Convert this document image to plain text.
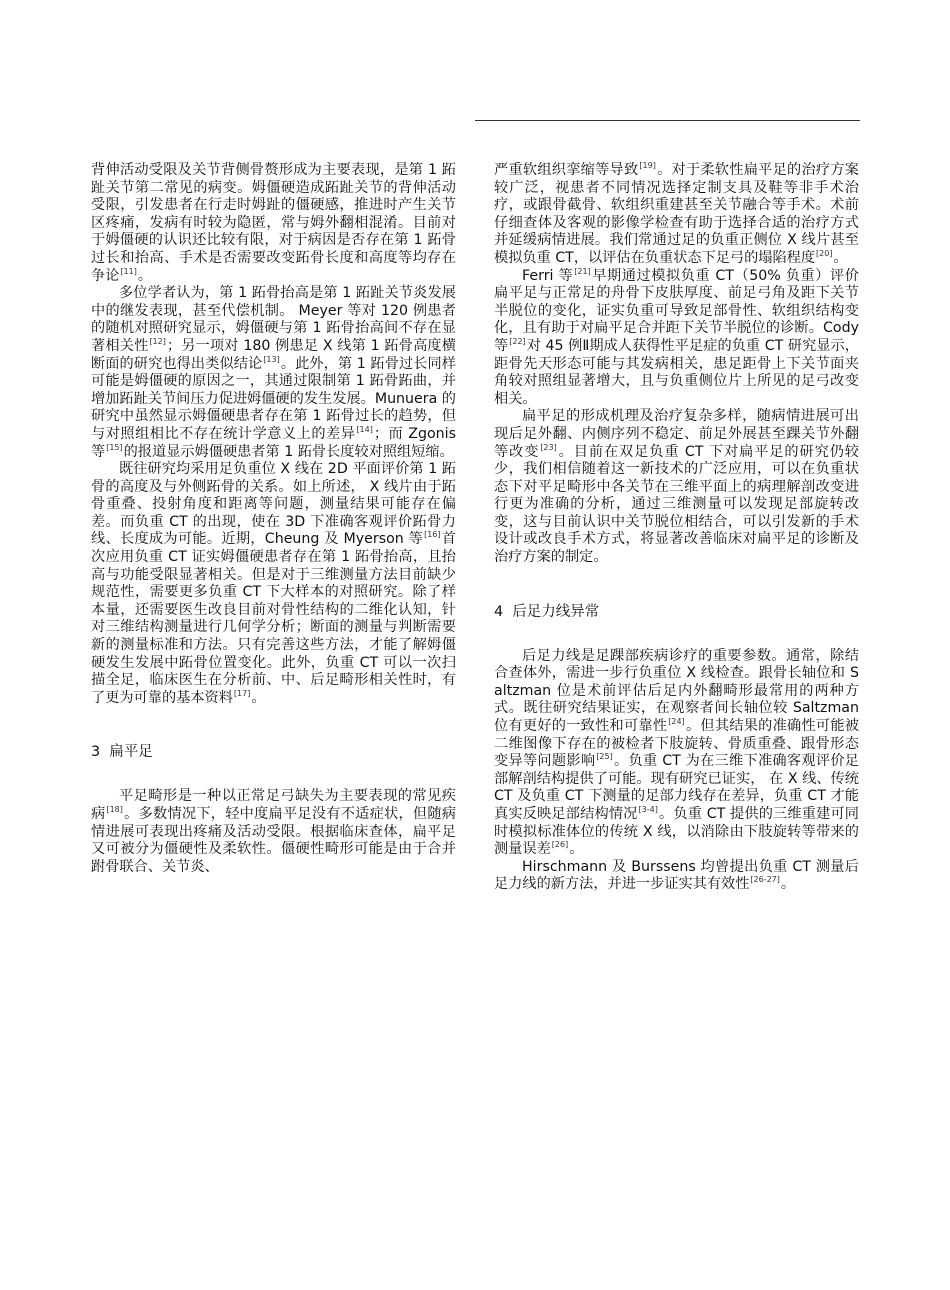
背伸活动受限及关节背侧骨赘形成为主要表现，是第 1 跖趾关节第二常见的病变。姆僵硬造成跖趾关节的背伸活动受限，引发患者在行走时姆趾的僵硬感，推进时产生关节区疼痛，发病有时较为隐匿，常与姆外翻相混淆。目前对于姆僵硬的认识还比较有限，对于病因是否存在第 1 跖骨过长和抬高、手术是否需要改变跖骨长度和高度等均存在争论[11]。

多位学者认为，第 1 跖骨抬高是第 1 跖趾关节炎发展中的继发表现，甚至代偿机制。 Meyer 等对 120 例患者的随机对照研究显示，姆僵硬与第 1 跖骨抬高间不存在显著相关性[12]；另一项对 180 例患足 X 线第 1 跖骨高度横断面的研究也得出类似结论[13]。此外，第 1 跖骨过长同样可能是姆僵硬的原因之一，其通过限制第 1 跖骨跖曲，并增加跖趾关节间压力促进姆僵硬的发生发展。Munuera 的研究中虽然显示姆僵硬患者存在第 1 跖骨过长的趋势，但与对照组相比不存在统计学意义上的差异[14]；而 Zgonis 等[15]的报道显示姆僵硬患者第 1 跖骨长度较对照组短缩。

既往研究均采用足负重位 X 线在 2D 平面评价第 1 跖骨的高度及与外侧跖骨的关系。如上所述， X 线片由于跖骨重叠、投射角度和距离等问题，测量结果可能存在偏差。而负重 CT 的出现，使在 3D 下准确客观评价跖骨力线、长度成为可能。近期，Cheung 及 Myerson 等[16]首次应用负重 CT 证实姆僵硬患者存在第 1 跖骨抬高，且抬高与功能受限显著相关。但是对于三维测量方法目前缺少规范性，需要更多负重 CT 下大样本的对照研究。除了样本量，还需要医生改良目前对骨性结构的二维化认知，针对三维结构测量进行几何学分析；断面的测量与判断需要新的测量标准和方法。只有完善这些方法，才能了解姆僵硬发生发展中跖骨位置变化。此外，负重 CT 可以一次扫描全足，临床医生在分析前、中、后足畸形相关性时，有了更为可靠的基本资料[17]。

3 扁平足

平足畸形是一种以正常足弓缺失为主要表现的常见疾病[18]。多数情况下，轻中度扁平足没有不适症状，但随病情进展可表现出疼痛及活动受限。根据临床查体，扁平足又可被分为僵硬性及柔软性。僵硬性畸形可能是由于合并跗骨联合、关节炎、

严重软组织挛缩等导致[19]。对于柔软性扁平足的治疗方案较广泛，视患者不同情况选择定制支具及鞋等非手术治疗，或跟骨截骨、软组织重建甚至关节融合等手术。术前仔细查体及客观的影像学检查有助于选择合适的治疗方式并延缓病情进展。我们常通过足的负重正侧位 X 线片甚至模拟负重 CT，以评估在负重状态下足弓的塌陷程度[20]。

Ferri 等[21]早期通过模拟负重 CT（50% 负重）评价扁平足与正常足的舟骨下皮肤厚度、前足弓角及距下关节半脱位的变化，证实负重可导致足部骨性、软组织结构变化，且有助于对扁平足合并距下关节半脱位的诊断。Cody 等[22]对 45 例Ⅱ期成人获得性平足症的负重 CT 研究显示，距骨先天形态可能与其发病相关，患足距骨上下关节面夹角较对照组显著增大，且与负重侧位片上所见的足弓改变相关。

扁平足的形成机理及治疗复杂多样，随病情进展可出现后足外翻、内侧序列不稳定、前足外展甚至踝关节外翻等改变[23]。目前在双足负重 CT 下对扁平足的研究仍较少，我们相信随着这一新技术的广泛应用，可以在负重状态下对平足畸形中各关节在三维平面上的病理解剖改变进行更为准确的分析，通过三维测量可以发现足部旋转改变，这与目前认识中关节脱位相结合，可以引发新的手术设计或改良手术方式，将显著改善临床对扁平足的诊断及治疗方案的制定。

4 后足力线异常

后足力线是足踝部疾病诊疗的重要参数。通常，除结合查体外，需进一步行负重位 X 线检查。跟骨长轴位和 Saltzman 位是术前评估后足内外翻畸形最常用的两种方式。既往研究结果证实，在观察者间长轴位较 Saltzman 位有更好的一致性和可靠性[24]。但其结果的准确性可能被二维图像下存在的被检者下肢旋转、骨质重叠、跟骨形态变异等问题影响[25]。负重 CT 为在三维下准确客观评价足部解剖结构提供了可能。现有研究已证实， 在 X 线、传统 CT 及负重 CT 下测量的足部力线存在差异，负重 CT 才能真实反映足部结构情况[3-4]。负重 CT 提供的三维重建可同时模拟标准体位的传统 X 线，以消除由下肢旋转等带来的测量误差[26]。

Hirschmann 及 Burssens 均曾提出负重 CT 测量后足力线的新方法，并进一步证实其有效性[26-27]。
